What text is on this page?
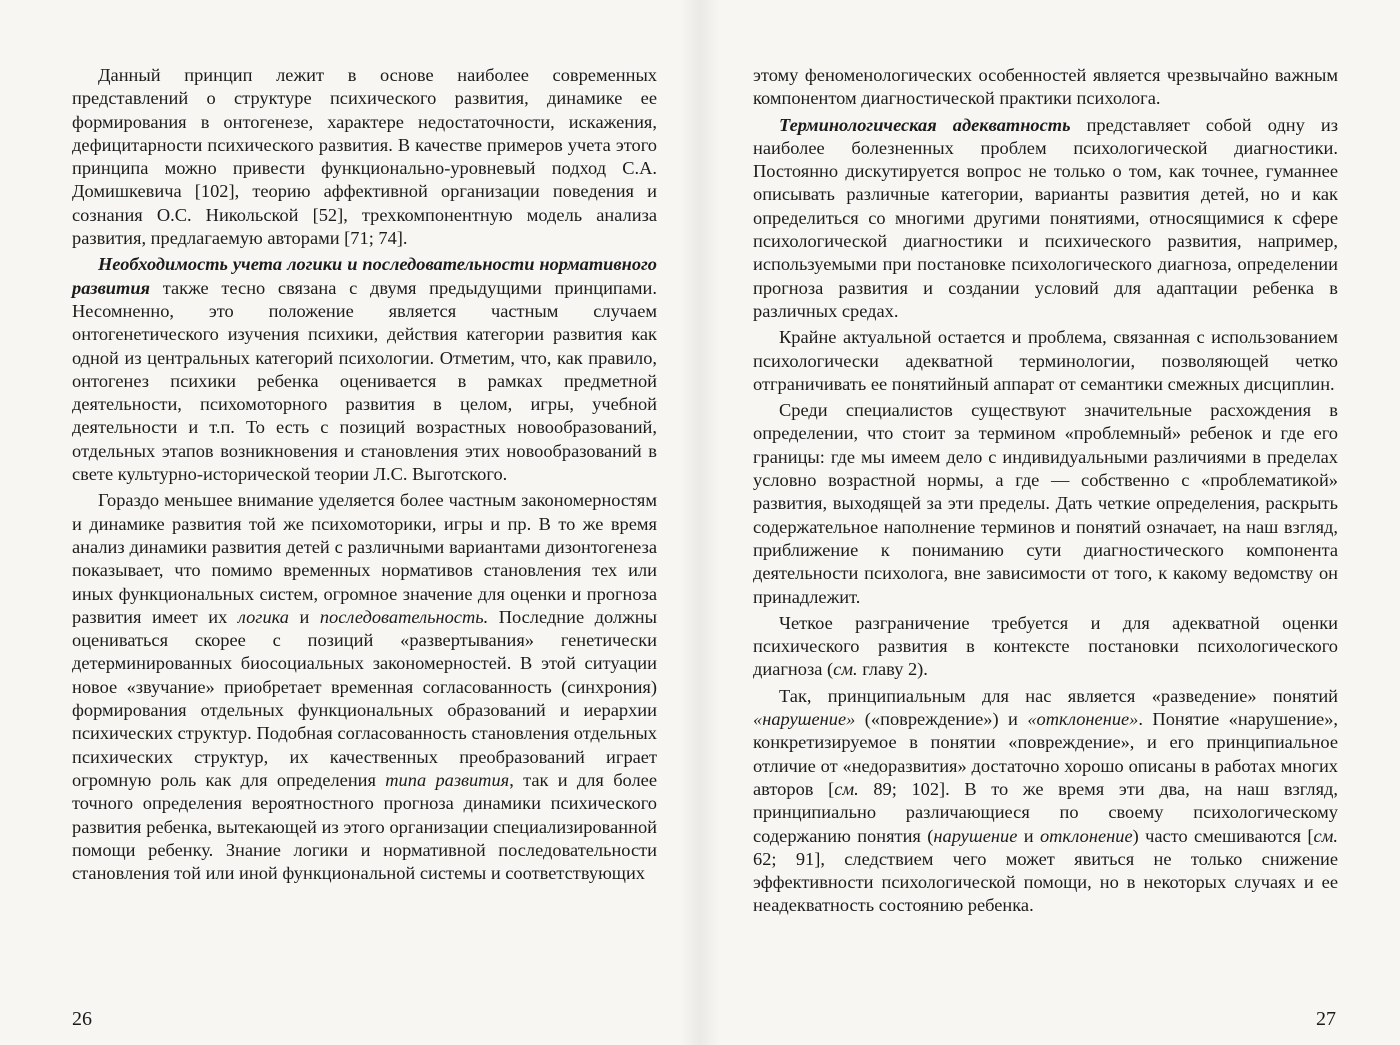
Данный принцип лежит в основе наиболее современных представлений о структуре психического развития, динамике ее формирования в онтогенезе, характере недостаточности, искажения, дефицитарности психического развития. В качестве примеров учета этого принципа можно привести функционально-уровневый подход С.А. Домишкевича [102], теорию аффективной организации поведения и сознания О.С. Никольской [52], трехкомпонентную модель анализа развития, предлагаемую авторами [71; 74].

Необходимость учета логики и последовательности нормативного развития также тесно связана с двумя предыдущими принципами. Несомненно, это положение является частным случаем онтогенетического изучения психики, действия категории развития как одной из центральных категорий психологии. Отметим, что, как правило, онтогенез психики ребенка оценивается в рамках предметной деятельности, психомоторного развития в целом, игры, учебной деятельности и т.п. То есть с позиций возрастных новообразований, отдельных этапов возникновения и становления этих новообразований в свете культурно-исторической теории Л.С. Выготского.

Гораздо меньшее внимание уделяется более частным закономерностям и динамике развития той же психомоторики, игры и пр. В то же время анализ динамики развития детей с различными вариантами дизонтогенеза показывает, что помимо временных нормативов становления тех или иных функциональных систем, огромное значение для оценки и прогноза развития имеет их логика и последовательность. Последние должны оцениваться скорее с позиций «развертывания» генетически детерминированных биосоциальных закономерностей. В этой ситуации новое «звучание» приобретает временная согласованность (синхрония) формирования отдельных функциональных образований и иерархии психических структур. Подобная согласованность становления отдельных психических структур, их качественных преобразований играет огромную роль как для определения типа развития, так и для более точного определения вероятностного прогноза динамики психического развития ребенка, вытекающей из этого организации специализированной помощи ребенку. Знание логики и нормативной последовательности становления той или иной функциональной системы и соответствующих

этому феноменологических особенностей является чрезвычайно важным компонентом диагностической практики психолога.

Терминологическая адекватность представляет собой одну из наиболее болезненных проблем психологической диагностики. Постоянно дискутируется вопрос не только о том, как точнее, гуманнее описывать различные категории, варианты развития детей, но и как определиться со многими другими понятиями, относящимися к сфере психологической диагностики и психического развития, например, используемыми при постановке психологического диагноза, определении прогноза развития и создании условий для адаптации ребенка в различных средах.

Крайне актуальной остается и проблема, связанная с использованием психологически адекватной терминологии, позволяющей четко отграничивать ее понятийный аппарат от семантики смежных дисциплин.

Среди специалистов существуют значительные расхождения в определении, что стоит за термином «проблемный» ребенок и где его границы: где мы имеем дело с индивидуальными различиями в пределах условно возрастной нормы, а где — собственно с «проблематикой» развития, выходящей за эти пределы. Дать четкие определения, раскрыть содержательное наполнение терминов и понятий означает, на наш взгляд, приближение к пониманию сути диагностического компонента деятельности психолога, вне зависимости от того, к какому ведомству он принадлежит.

Четкое разграничение требуется и для адекватной оценки психического развития в контексте постановки психологического диагноза (см. главу 2).

Так, принципиальным для нас является «разведение» понятий «нарушение» («повреждение») и «отклонение». Понятие «нарушение», конкретизируемое в понятии «повреждение», и его принципиальное отличие от «недоразвития» достаточно хорошо описаны в работах многих авторов [см. 89; 102]. В то же время эти два, на наш взгляд, принципиально различающиеся по своему психологическому содержанию понятия (нарушение и отклонение) часто смешиваются [см. 62; 91], следствием чего может явиться не только снижение эффективности психологической помощи, но в некоторых случаях и ее неадекватность состоянию ребенка.

26	27
